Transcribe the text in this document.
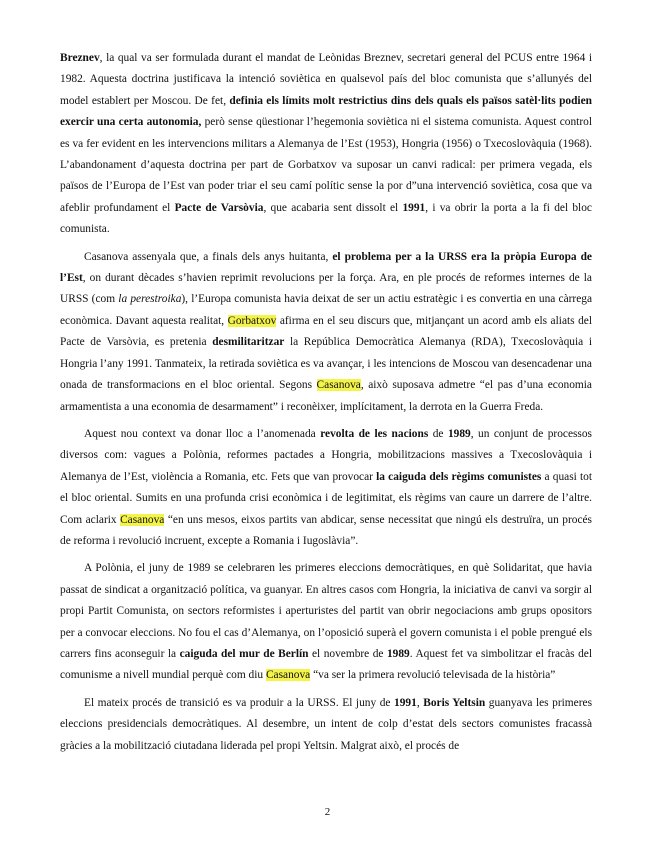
Breznev, la qual va ser formulada durant el mandat de Leònidas Breznev, secretari general del PCUS entre 1964 i 1982. Aquesta doctrina justificava la intenció soviètica en qualsevol país del bloc comunista que s’allunyés del model establert per Moscou. De fet, definia els límits molt restrictius dins dels quals els països satèl·lits podien exercir una certa autonomia, però sense qüestionar l’hegemonia soviètica ni el sistema comunista. Aquest control es va fer evident en les intervencions militars a Alemanya de l’Est (1953), Hongria (1956) o Txecoslovàquia (1968). L’abandonament d’aquesta doctrina per part de Gorbatxov va suposar un canvi radical: per primera vegada, els països de l’Europa de l’Est van poder triar el seu camí polític sense la por d”una intervenció soviètica, cosa que va afeblir profundament el Pacte de Varsòvia, que acabaria sent dissolt el 1991, i va obrir la porta a la fi del bloc comunista.

Casanova assenyala que, a finals dels anys huitanta, el problema per a la URSS era la pròpia Europa de l’Est, on durant dècades s’havien reprimit revolucions per la força. Ara, en ple procés de reformes internes de la URSS (com la perestroika), l’Europa comunista havia deixat de ser un actiu estratègic i es convertia en una càrrega econòmica. Davant aquesta realitat, Gorbatxov afirma en el seu discurs que, mitjançant un acord amb els aliats del Pacte de Varsòvia, es pretenia desmilitaritzar la República Democràtica Alemanya (RDA), Txecoslovàquia i Hongria l’any 1991. Tanmateix, la retirada soviètica es va avançar, i les intencions de Moscou van desencadenar una onada de transformacions en el bloc oriental. Segons Casanova, això suposava admetre “el pas d’una economia armamentista a una economia de desarmament” i reconèixer, implícitament, la derrota en la Guerra Freda.

Aquest nou context va donar lloc a l’anomenada revolta de les nacions de 1989, un conjunt de processos diversos com: vagues a Polònia, reformes pactades a Hongria, mobilitzacions massives a Txecoslovàquia i Alemanya de l’Est, violència a Romania, etc. Fets que van provocar la caiguda dels règims comunistes a quasi tot el bloc oriental. Sumits en una profunda crisi econòmica i de legitimitat, els règims van caure un darrere de l’altre. Com aclarix Casanova “en uns mesos, eixos partits van abdicar, sense necessitat que ningú els destruïra, un procés de reforma i revolució incruent, excepte a Romania i Iugoslàvia”.

A Polònia, el juny de 1989 se celebraren les primeres eleccions democràtiques, en què Solidaritat, que havia passat de sindicat a organització política, va guanyar. En altres casos com Hongria, la iniciativa de canvi va sorgir al propi Partit Comunista, on sectors reformistes i aperturistes del partit van obrir negociacions amb grups opositors per a convocar eleccions. No fou el cas d’Alemanya, on l’oposició superà el govern comunista i el poble prengué els carrers fins aconseguir la caiguda del mur de Berlín el novembre de 1989. Aquest fet va simbolitzar el fracàs del comunisme a nivell mundial perquè com diu Casanova “va ser la primera revolució televisada de la història”

El mateix procés de transició es va produir a la URSS. El juny de 1991, Boris Yeltsin guanyava les primeres eleccions presidencials democràtiques. Al desembre, un intent de colp d’estat dels sectors comunistes fracassà gràcies a la mobilització ciutadana liderada pel propi Yeltsin. Malgrat això, el procés de

2
